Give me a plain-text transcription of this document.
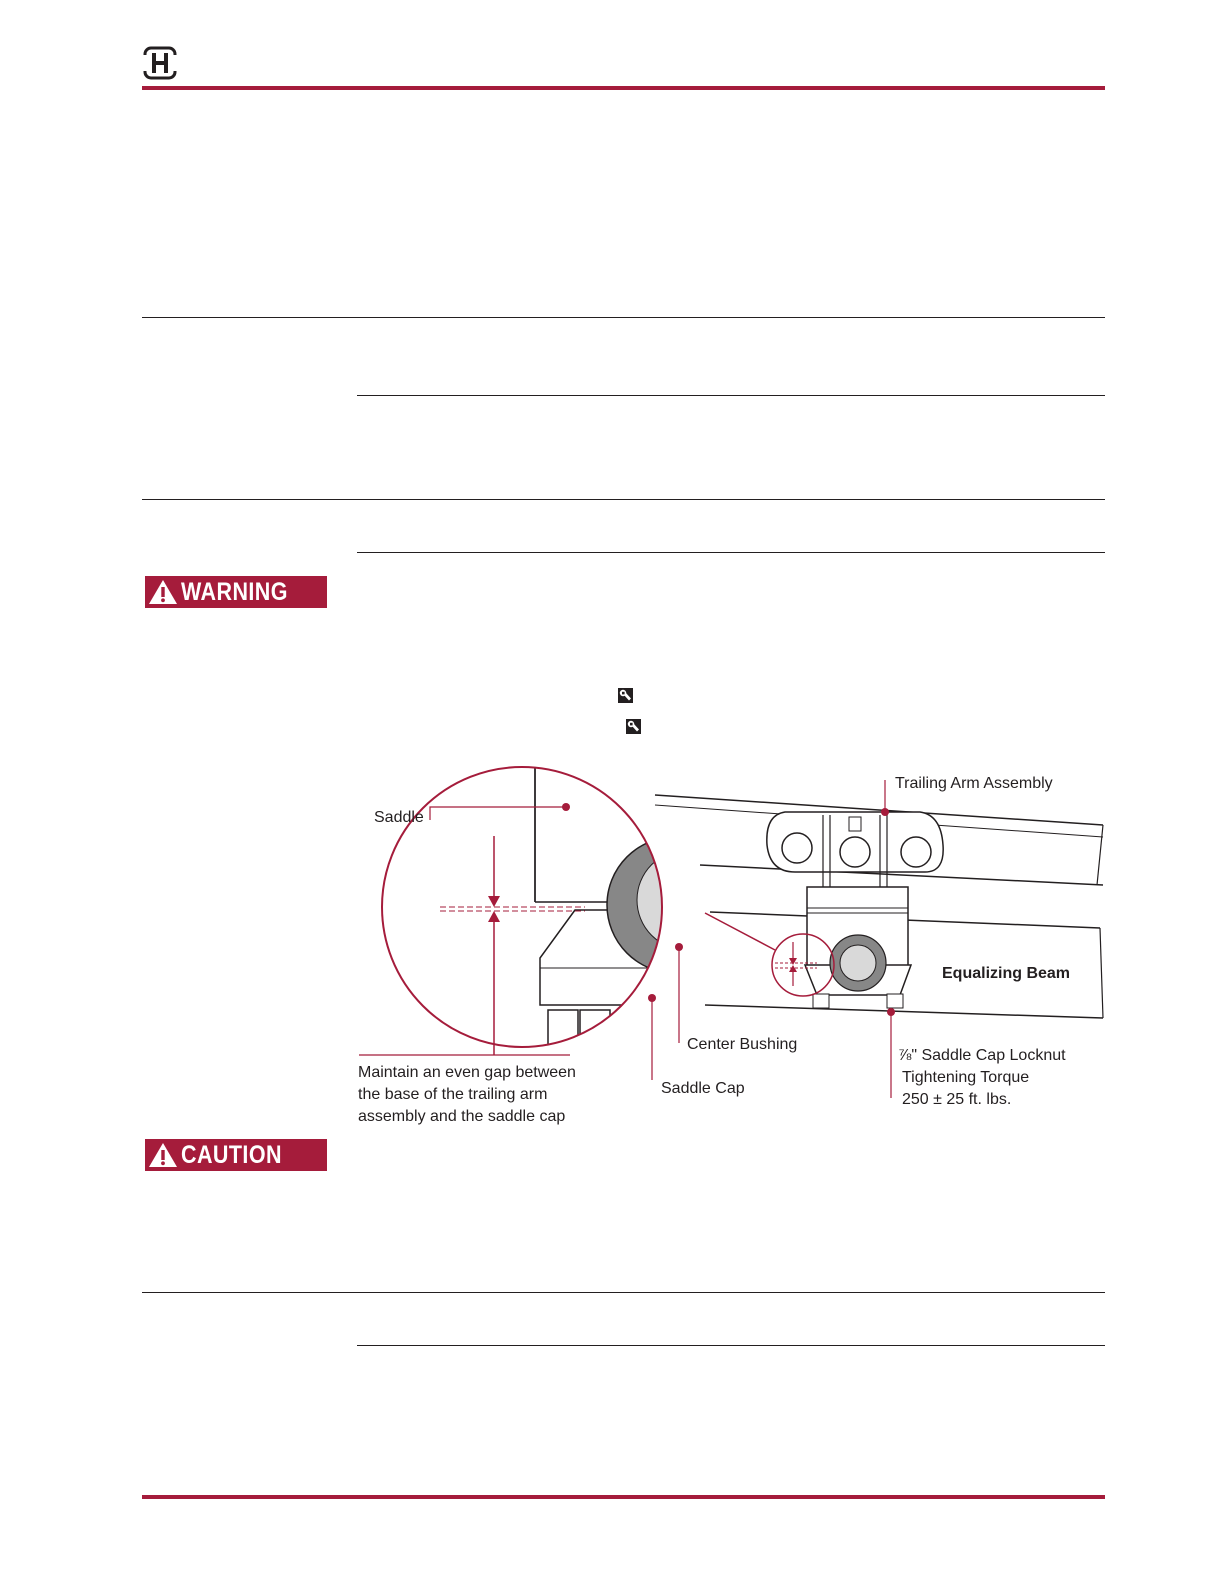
WARNING
Trailing Arm Assembly
Saddle
Equalizing Beam
Center Bushing
Saddle Cap
Maintain an even gap between
the base of the trailing arm
assembly and the saddle cap
⅞" Saddle Cap Locknut
Tightening Torque
250 ± 25 ft. lbs.
CAUTION
